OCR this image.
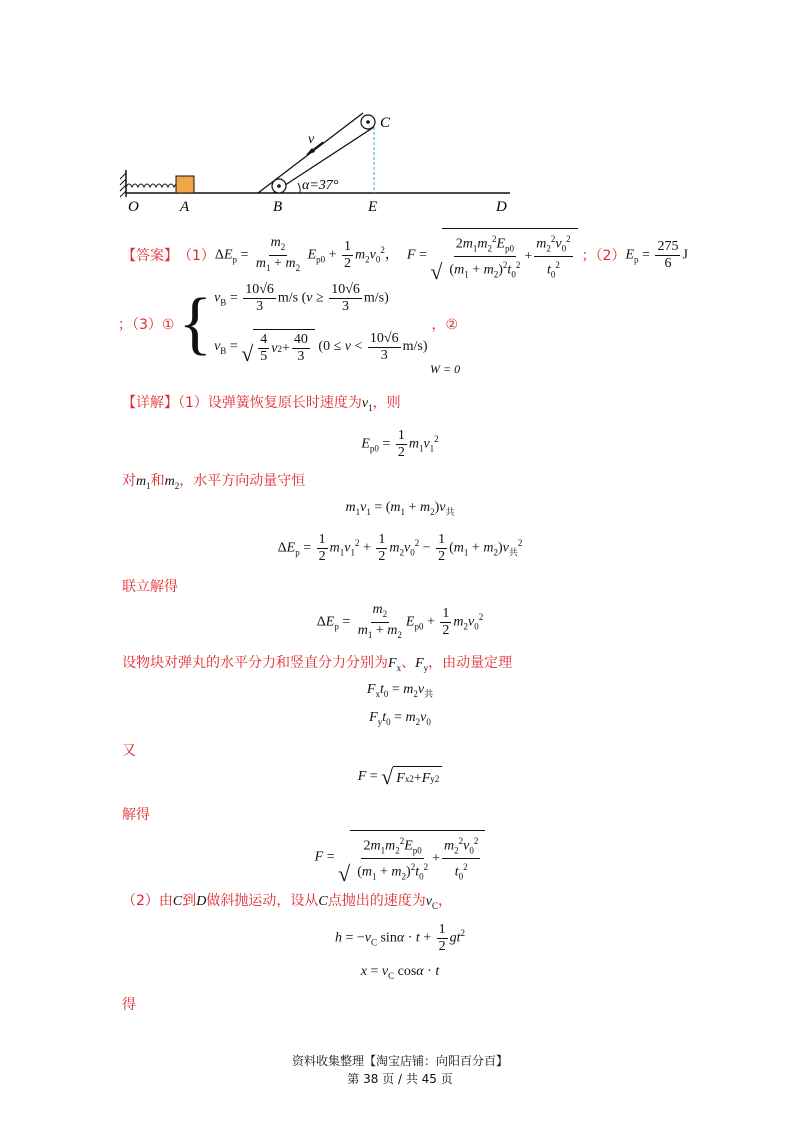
O	A	B	E	D
C
v
α=37°
【答案】 （1） $\Delta E_p = \frac{m_2}{m_1 + m_2} E_{p0} + \frac{1}{2} m_2v_0^2$， F =
√ $\frac{2m_1m_2^2E_{p0}}{(m_1 + m_2)^2t_0^2} + \frac{m_2^2v_0^2}{t_0^2}$ ；（2） $E_p = \frac{275}{6}$ J
；（3）① { $v_B = \frac{10√6}{3} m/s$ $(v \ge \frac{10√6}{3} m/s)$
$v_B$ = √ $\frac{4}{5}$ v $2 + \frac{40}{3} (0 \le v < \frac{10√6}{3} m/s)$
，②
W = 0
【详解】（1）设弹簧恢复原长时速度为$v_1$，则
$E_{p0} = \frac{1}{2} m_1v_1^2$
对$m_1$和$m_2$，水平方向动量守恒
$m_1v_1 = (m_1 + m_2)v_共$
$\Delta E_p = \frac{1}{2} m_1v_1^2 + \frac{1}{2} m_2v_0^2 - \frac{1}{2} (m_1 + m_2)v_共^2$
联立解得
$\Delta E_p = \frac{m_2}{m_1 + m_2} E_{p0} + \frac{1}{2} m_2v_0^2$
设物块对弹丸的水平分力和竖直分力分别为$F_x$、$F_y$，由动量定理
$F_xt_0 = m_2v_共$
$F_yt_0 = m_2v_0$
又
F = √ F x 2 + F y 2
解得
F =
√ $\frac{2m_1m_2^2E_{p0}}{(m_1 + m_2)^2t_0^2} + \frac{m_2^2v_0^2}{t_0^2}$
（2）由C到D做斜抛运动，设从C点抛出的速度为$v_C$，
$h = -v_C$ $\sin\alpha \cdot t + \frac{1}{2} gt^2$
$x = v_C$ cosα · t
得
资料收集整理【淘宝店铺：向阳百分百】
第 38 页 / 共 45 页
